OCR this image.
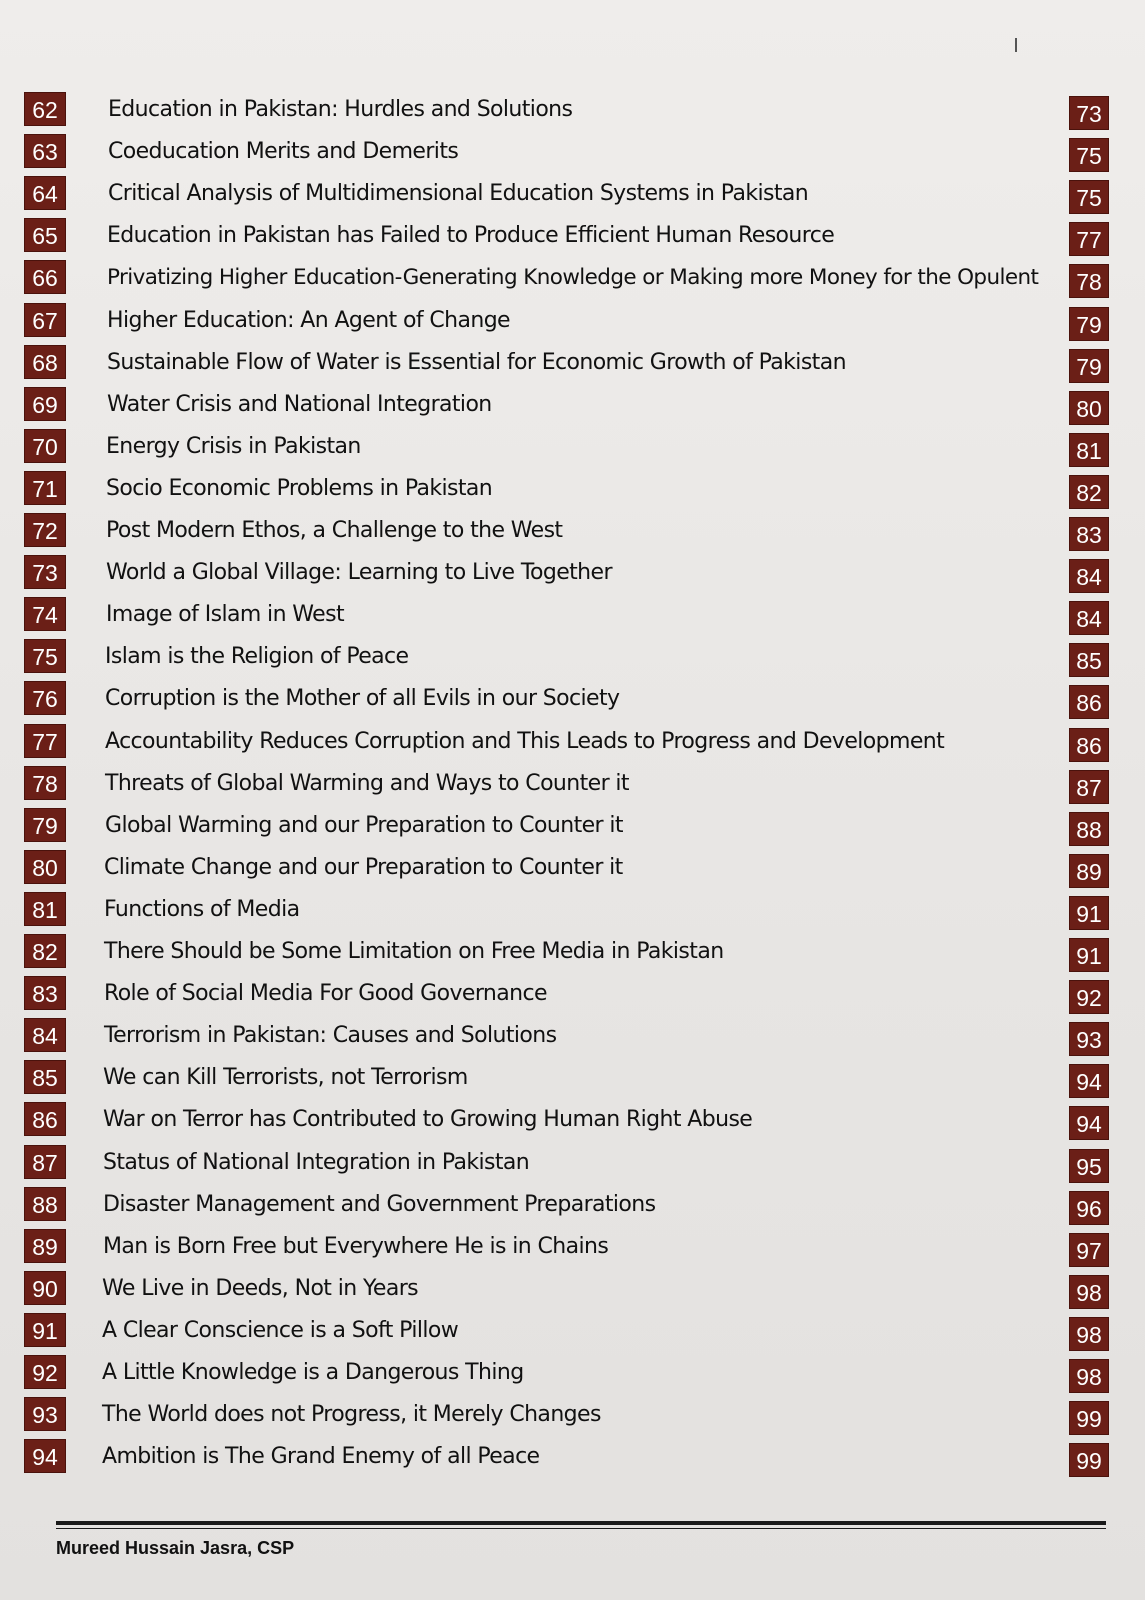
62	Education in Pakistan: Hurdles and Solutions	73
63	Coeducation Merits and Demerits	75
64	Critical Analysis of Multidimensional Education Systems in Pakistan	75
65	Education in Pakistan has Failed to Produce Efficient Human Resource	77
66	Privatizing Higher Education-Generating Knowledge or Making more Money for the Opulent	78
67	Higher Education: An Agent of Change	79
68	Sustainable Flow of Water is Essential for Economic Growth of Pakistan	79
69	Water Crisis and National Integration	80
70	Energy Crisis in Pakistan	81
71	Socio Economic Problems in Pakistan	82
72	Post Modern Ethos, a Challenge to the West	83
73	World a Global Village: Learning to Live Together	84
74	Image of Islam in West	84
75	Islam is the Religion of Peace	85
76	Corruption is the Mother of all Evils in our Society	86
77	Accountability Reduces Corruption and This Leads to Progress and Development	86
78	Threats of Global Warming and Ways to Counter it	87
79	Global Warming and our Preparation to Counter it	88
80	Climate Change and our Preparation to Counter it	89
81	Functions of Media	91
82	There Should be Some Limitation on Free Media in Pakistan	91
83	Role of Social Media For Good Governance	92
84	Terrorism in Pakistan: Causes and Solutions	93
85	We can Kill Terrorists, not Terrorism	94
86	War on Terror has Contributed to Growing Human Right Abuse	94
87	Status of National Integration in Pakistan	95
88	Disaster Management and Government Preparations	96
89	Man is Born Free but Everywhere He is in Chains	97
90	We Live in Deeds, Not in Years	98
91	A Clear Conscience is a Soft Pillow	98
92	A Little Knowledge is a Dangerous Thing	98
93	The World does not Progress, it Merely Changes	99
94	Ambition is The Grand Enemy of all Peace	99
Mureed Hussain Jasra, CSP
